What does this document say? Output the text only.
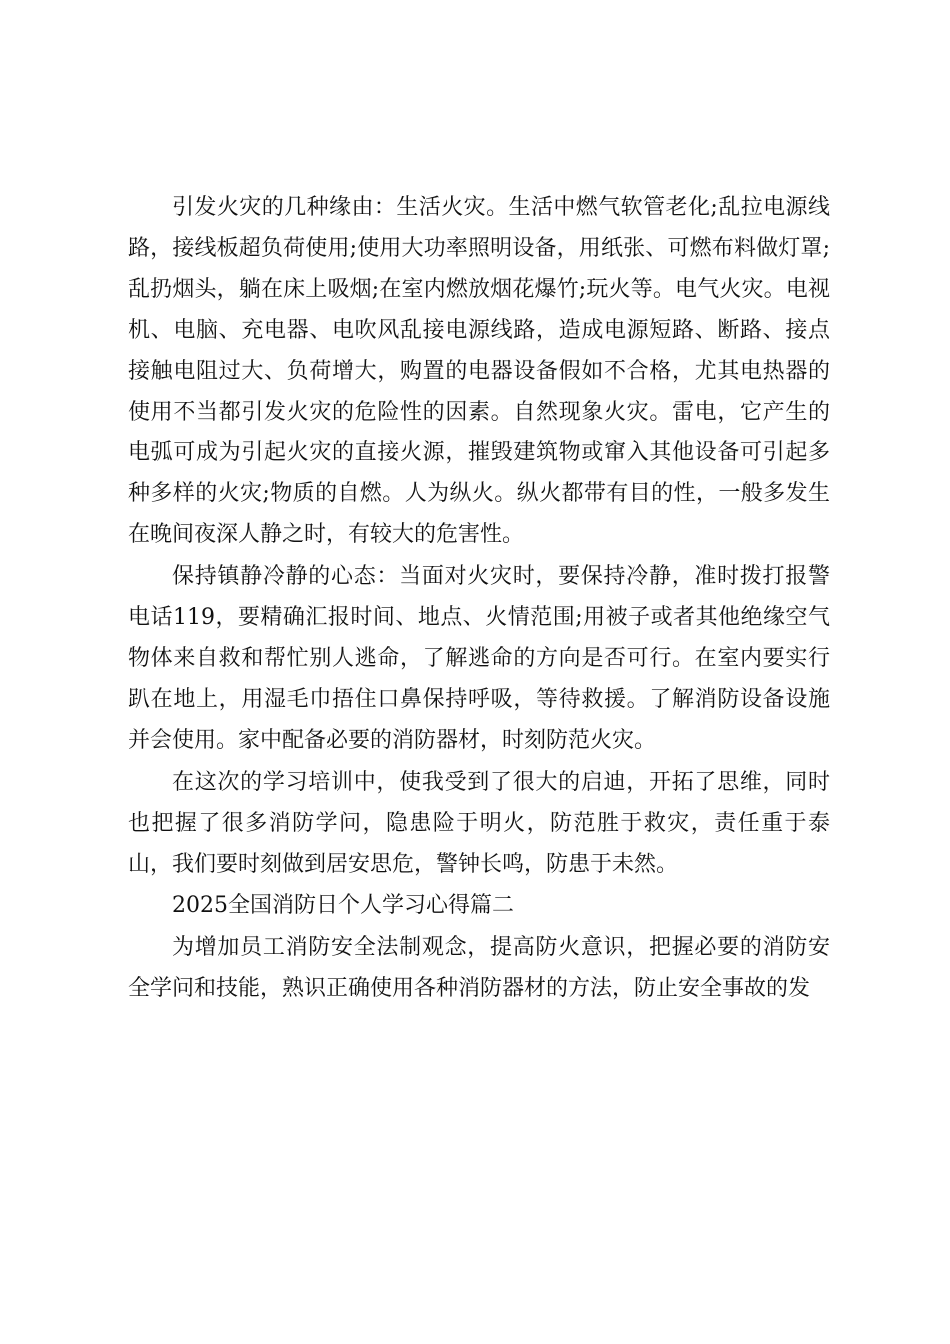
引发火灾的几种缘由：生活火灾。生活中燃气软管老化;乱拉电源线路，接线板超负荷使用;使用大功率照明设备，用纸张、可燃布料做灯罩;乱扔烟头，躺在床上吸烟;在室内燃放烟花爆竹;玩火等。电气火灾。电视机、电脑、充电器、电吹风乱接电源线路，造成电源短路、断路、接点接触电阻过大、负荷增大，购置的电器设备假如不合格，尤其电热器的使用不当都引发火灾的危险性的因素。自然现象火灾。雷电，它产生的电弧可成为引起火灾的直接火源，摧毁建筑物或窜入其他设备可引起多种多样的火灾;物质的自燃。人为纵火。纵火都带有目的性，一般多发生在晚间夜深人静之时，有较大的危害性。

保持镇静冷静的心态：当面对火灾时，要保持冷静，准时拨打报警电话119，要精确汇报时间、地点、火情范围;用被子或者其他绝缘空气物体来自救和帮忙别人逃命，了解逃命的方向是否可行。在室内要实行趴在地上，用湿毛巾捂住口鼻保持呼吸，等待救援。了解消防设备设施并会使用。家中配备必要的消防器材，时刻防范火灾。

在这次的学习培训中，使我受到了很大的启迪，开拓了思维，同时也把握了很多消防学问，隐患险于明火，防范胜于救灾，责任重于泰山，我们要时刻做到居安思危，警钟长鸣，防患于未然。

2025全国消防日个人学习心得篇二

为增加员工消防安全法制观念，提高防火意识，把握必要的消防安全学问和技能，熟识正确使用各种消防器材的方法，防止安全事故的发
